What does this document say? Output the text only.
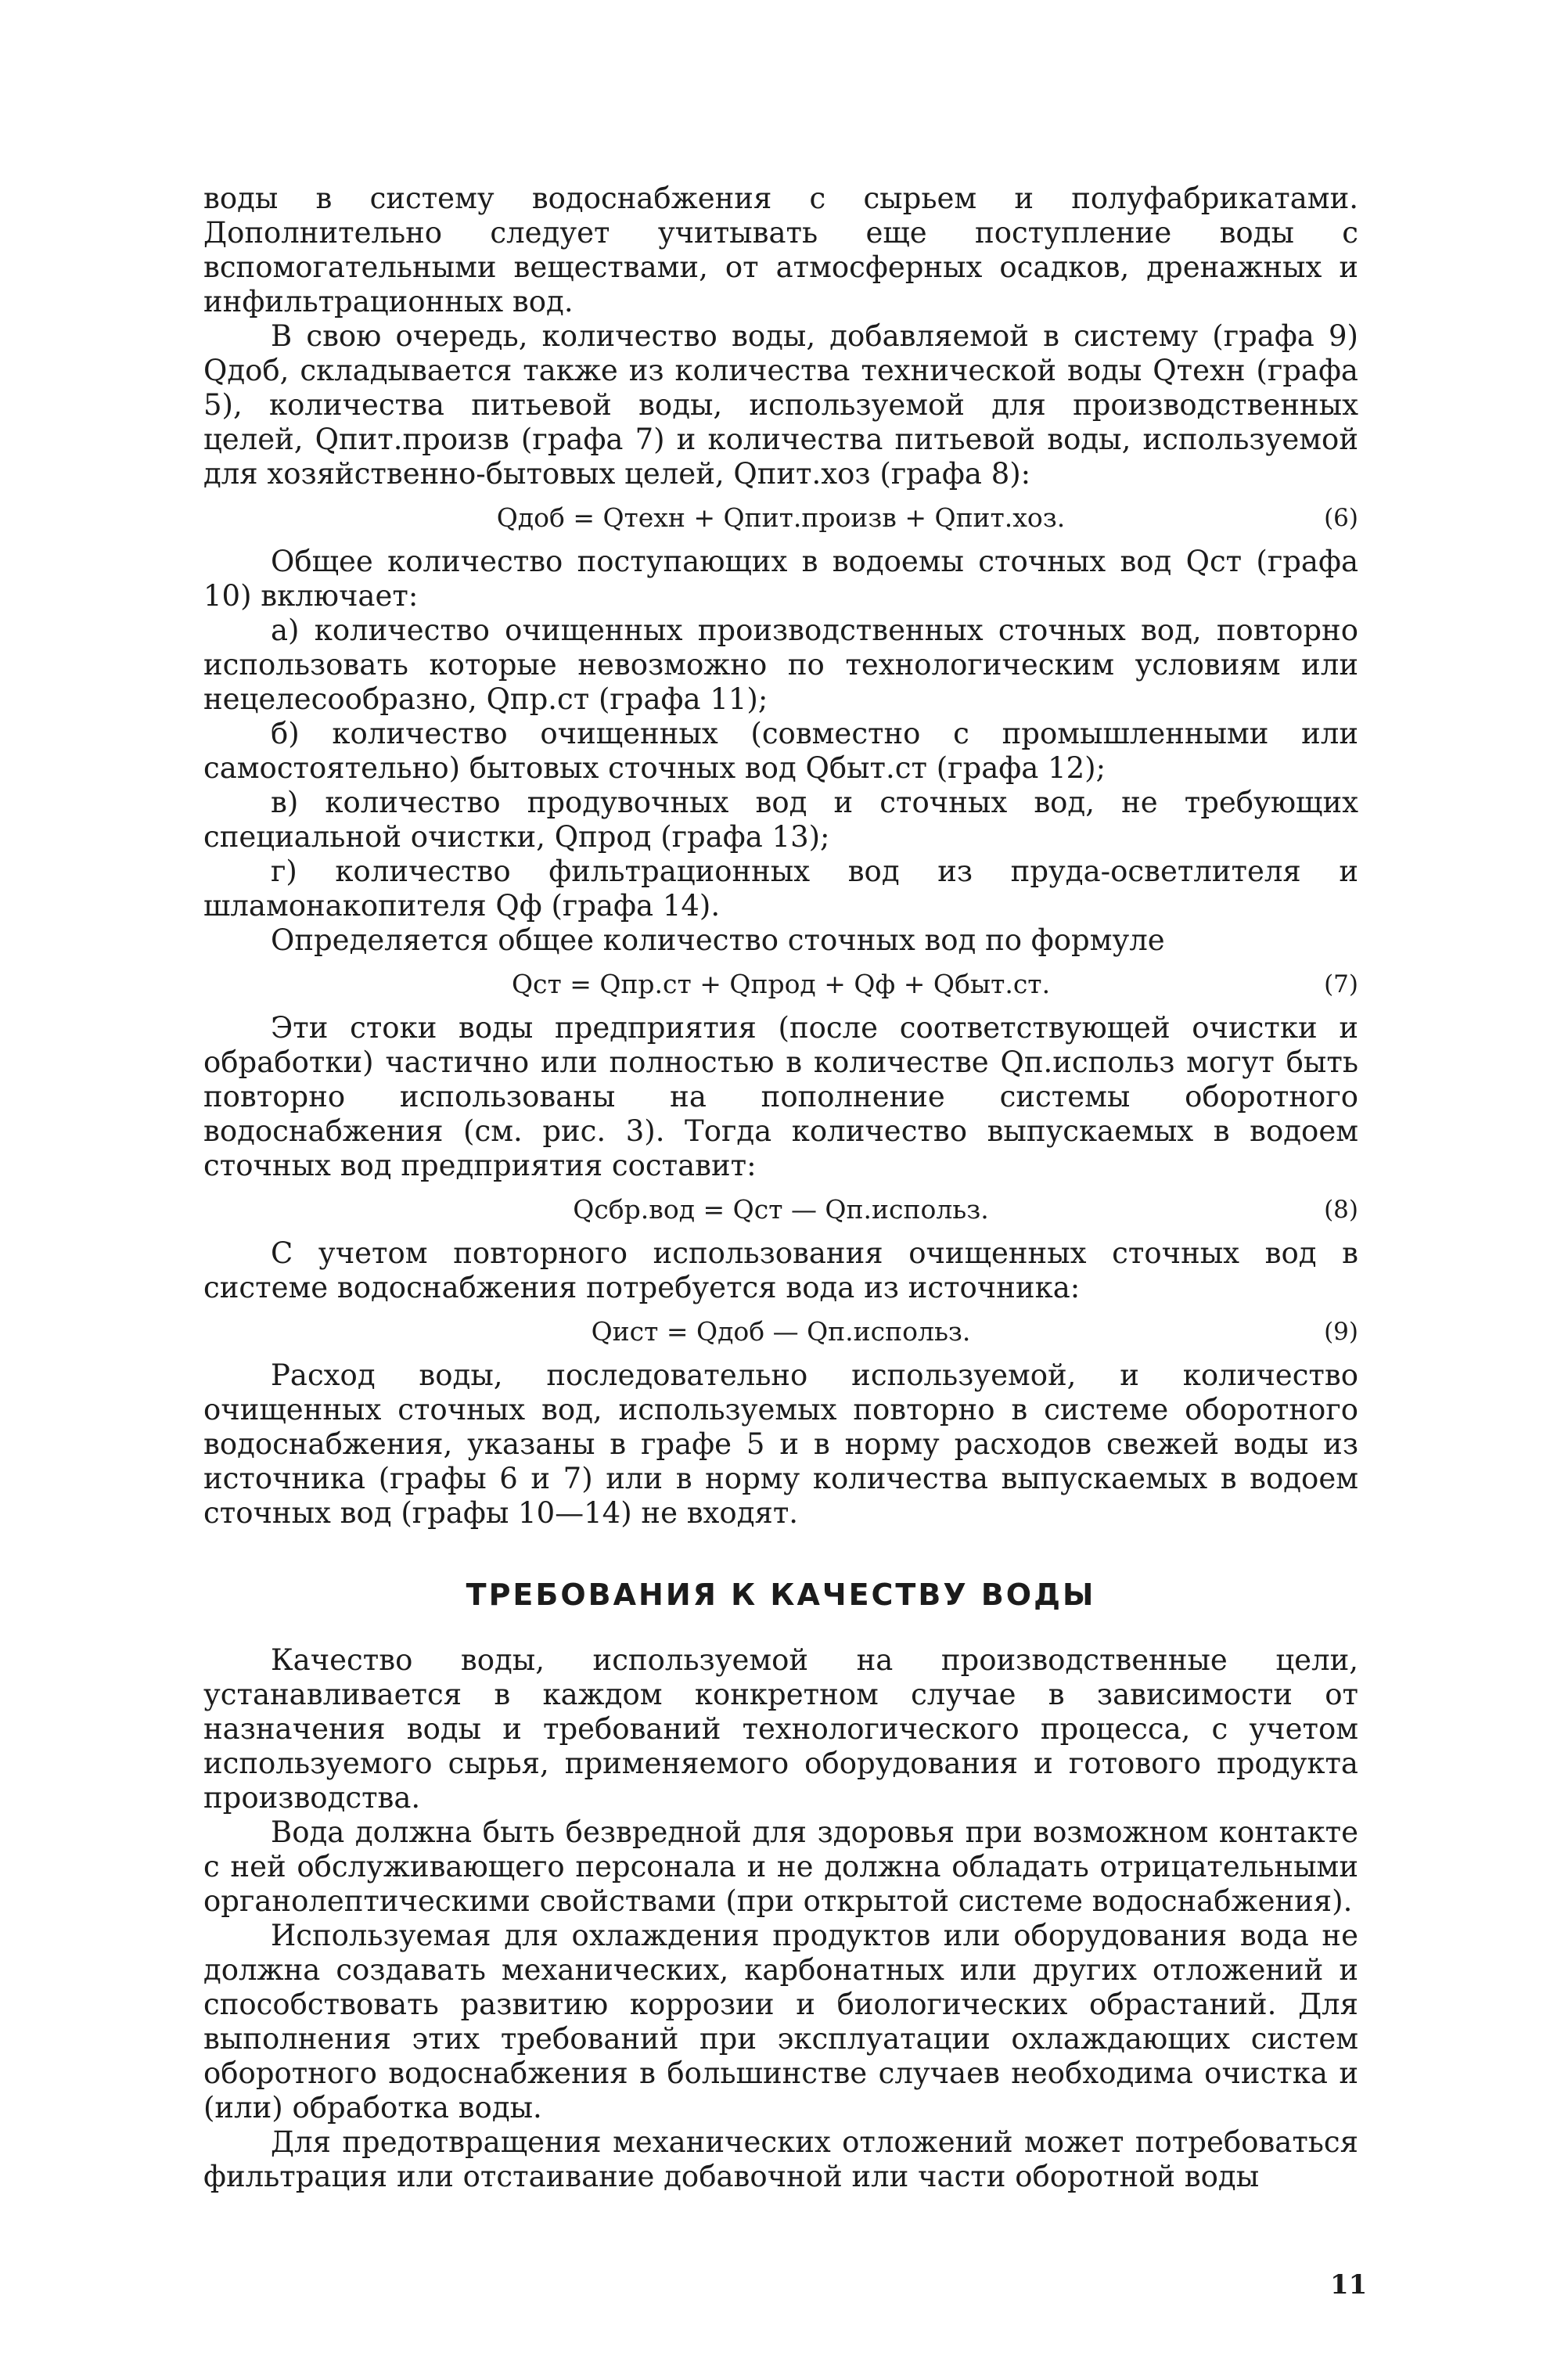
воды в систему водоснабжения с сырьем и полуфабрикатами. Дополнительно следует учитывать еще поступление воды с вспомогательными веществами, от атмосферных осадков, дренажных и инфильтрационных вод.

В свою очередь, количество воды, добавляемой в систему (графа 9) Qдоб, складывается также из количества технической воды Qтехн (графа 5), количества питьевой воды, используемой для производственных целей, Qпит.произв (графа 7) и количества питьевой воды, используемой для хозяйственно-бытовых целей, Qпит.хоз (графа 8):

Qдоб = Qтехн + Qпит.произв + Qпит.хоз.	(6)

Общее количество поступающих в водоемы сточных вод Qст (графа 10) включает:

а) количество очищенных производственных сточных вод, повторно использовать которые невозможно по технологическим условиям или нецелесообразно, Qпр.ст (графа 11);

б) количество очищенных (совместно с промышленными или самостоятельно) бытовых сточных вод Qбыт.ст (графа 12);

в) количество продувочных вод и сточных вод, не требующих специальной очистки, Qпрод (графа 13);

г) количество фильтрационных вод из пруда-осветлителя и шламонакопителя Qф (графа 14).

Определяется общее количество сточных вод по формуле

Qст = Qпр.ст + Qпрод + Qф + Qбыт.ст.	(7)

Эти стоки воды предприятия (после соответствующей очистки и обработки) частично или полностью в количестве Qп.использ могут быть повторно использованы на пополнение системы оборотного водоснабжения (см. рис. 3). Тогда количество выпускаемых в водоем сточных вод предприятия составит:

Qсбр.вод = Qст — Qп.использ.	(8)

С учетом повторного использования очищенных сточных вод в системе водоснабжения потребуется вода из источника:

Qист = Qдоб — Qп.использ.	(9)

Расход воды, последовательно используемой, и количество очищенных сточных вод, используемых повторно в системе оборотного водоснабжения, указаны в графе 5 и в норму расходов свежей воды из источника (графы 6 и 7) или в норму количества выпускаемых в водоем сточных вод (графы 10—14) не входят.

ТРЕБОВАНИЯ К КАЧЕСТВУ ВОДЫ

Качество воды, используемой на производственные цели, устанавливается в каждом конкретном случае в зависимости от назначения воды и требований технологического процесса, с учетом используемого сырья, применяемого оборудования и готового продукта производства.

Вода должна быть безвредной для здоровья при возможном контакте с ней обслуживающего персонала и не должна обладать отрицательными органолептическими свойствами (при открытой системе водоснабжения).

Используемая для охлаждения продуктов или оборудования вода не должна создавать механических, карбонатных или других отложений и способствовать развитию коррозии и биологических обрастаний. Для выполнения этих требований при эксплуатации охлаждающих систем оборотного водоснабжения в большинстве случаев необходима очистка и (или) обработка воды.

Для предотвращения механических отложений может потребоваться фильтрация или отстаивание добавочной или части оборотной воды

11
